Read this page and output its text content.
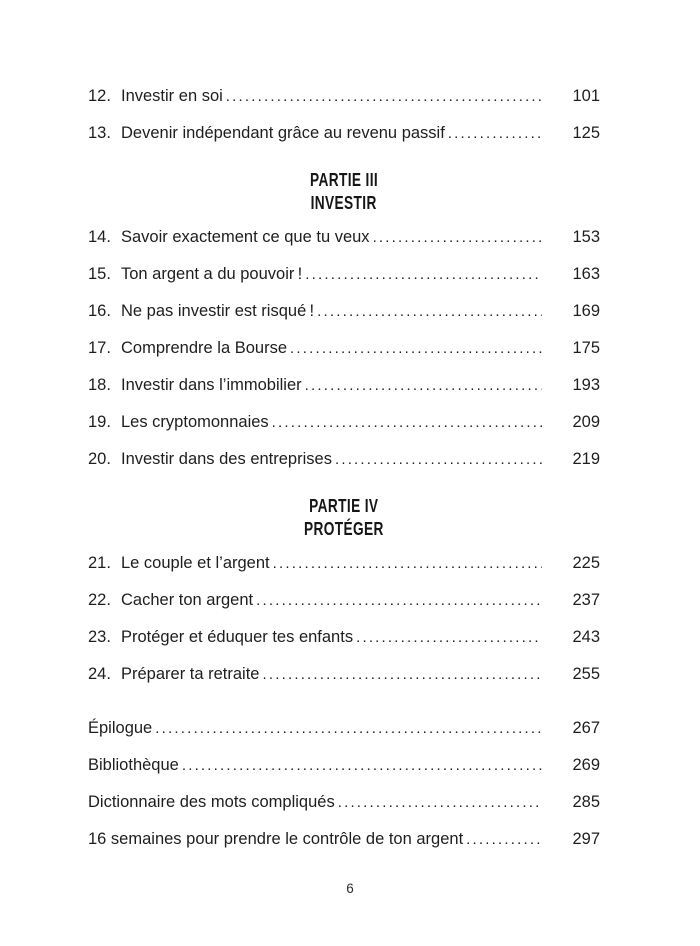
12. Investir en soi .....	101
13. Devenir indépendant grâce au revenu passif .....	125
PARTIE III
INVESTIR
14. Savoir exactement ce que tu veux .....	153
15. Ton argent a du pouvoir ! .....	163
16. Ne pas investir est risqué ! .....	169
17. Comprendre la Bourse .....	175
18. Investir dans l’immobilier .....	193
19. Les cryptomonnaies .....	209
20. Investir dans des entreprises .....	219
PARTIE IV
PROTÉGER
21. Le couple et l’argent .....	225
22. Cacher ton argent .....	237
23. Protéger et éduquer tes enfants .....	243
24. Préparer ta retraite .....	255
Épilogue .....	267
Bibliothèque .....	269
Dictionnaire des mots compliqués .....	285
16 semaines pour prendre le contrôle de ton argent .....	297
6
